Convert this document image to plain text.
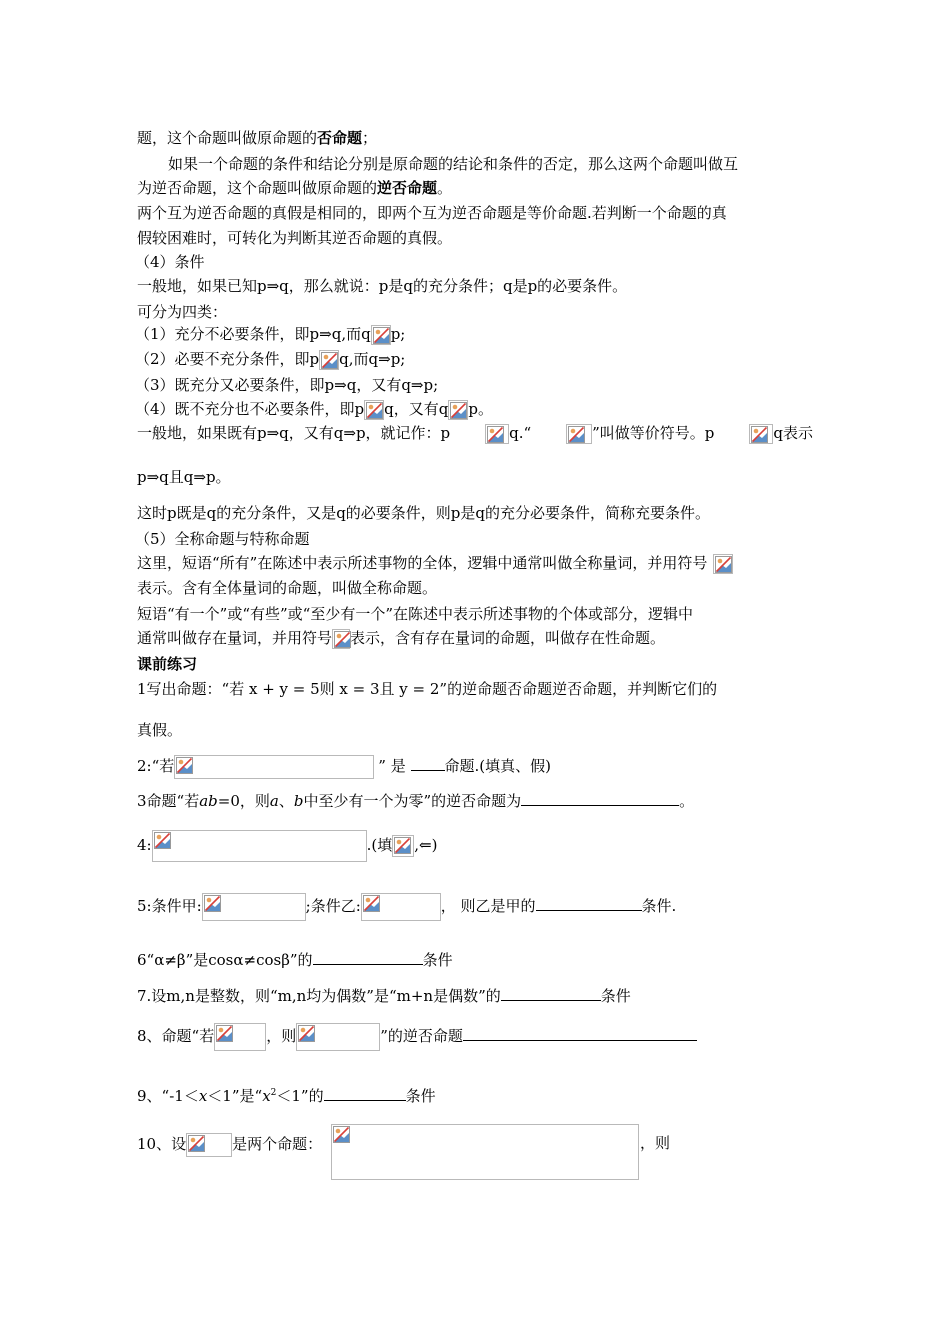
题，这个命题叫做原命题的否命题；
如果一个命题的条件和结论分别是原命题的结论和条件的否定，那么这两个命题叫做互
为逆否命题，这个命题叫做原命题的逆否命题。
两个互为逆否命题的真假是相同的，即两个互为逆否命题是等价命题.若判断一个命题的真
假较困难时，可转化为判断其逆否命题的真假。
（4）条件
一般地，如果已知p⇒q，那么就说：p是q的充分条件；q是p的必要条件。
可分为四类：
（1）充分不必要条件，即p⇒q,而q p;
（2）必要不充分条件，即p q,而q⇒p;
（3）既充分又必要条件，即p⇒q，又有q⇒p;
（4）既不充分也不必要条件，即p q，又有q p。
一般地，如果既有p⇒q，又有q⇒p，就记作：p	q.“	”叫做等价符号。p	q表示
p⇒q且q⇒p。
这时p既是q的充分条件，又是q的必要条件，则p是q的充分必要条件，简称充要条件。
（5）全称命题与特称命题
这里，短语“所有”在陈述中表示所述事物的全体，逻辑中通常叫做全称量词，并用符号
表示。含有全体量词的命题，叫做全称命题。
短语“有一个”或“有些”或“至少有一个”在陈述中表示所述事物的个体或部分，逻辑中
通常叫做存在量词，并用符号 表示，含有存在量词的命题，叫做存在性命题。
课前练习
1写出命题：“若 x + y = 5则 x = 3且 y = 2”的逆命题否命题逆否命题，并判断它们的
真假。
2:“若	” 是	命题.(填真、假)
3命题“若ab=0，则a、b中至少有一个为零”的逆否命题为	。
4:	.(填 ,⇐)
5:条件甲:	;条件乙:	， 则乙是甲的	条件.
6“α≠β”是cosα≠cosβ”的	条件
7.设m,n是整数，则“m,n均为偶数”是“m+n是偶数”的	条件
8、命题“若	，则	”的逆否命题
9、“-1＜x＜1”是“$x^2<1$”的	条件
10、设	是两个命题：	，则
